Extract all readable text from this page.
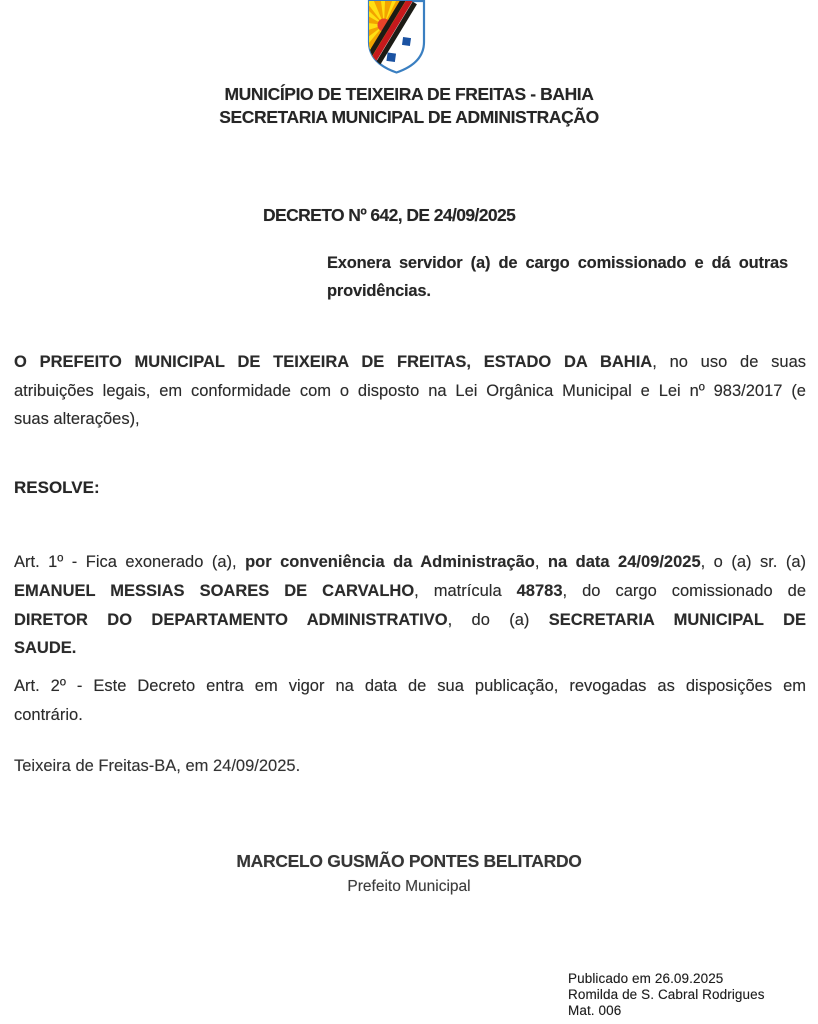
MUNICÍPIO DE TEIXEIRA DE FREITAS - BAHIA
SECRETARIA MUNICIPAL DE ADMINISTRAÇÃO
DECRETO Nº 642, DE 24/09/2025
Exonera servidor (a) de cargo comissionado e dá outras
providências.
O PREFEITO MUNICIPAL DE TEIXEIRA DE FREITAS, ESTADO DA BAHIA, no uso de suas
atribuições legais, em conformidade com o disposto na Lei Orgânica Municipal e Lei nº 983/2017 (e
suas alterações),
RESOLVE:
Art. 1º - Fica exonerado (a), por conveniência da Administração, na data 24/09/2025, o (a) sr. (a)
EMANUEL MESSIAS SOARES DE CARVALHO, matrícula 48783, do cargo comissionado de
DIRETOR DO DEPARTAMENTO ADMINISTRATIVO, do (a) SECRETARIA MUNICIPAL DE
SAUDE.
Art. 2º - Este Decreto entra em vigor na data de sua publicação, revogadas as disposições em
contrário.
Teixeira de Freitas-BA, em 24/09/2025.
MARCELO GUSMÃO PONTES BELITARDO
Prefeito Municipal
Publicado em 26.09.2025
Romilda de S. Cabral Rodrigues
Mat. 006
